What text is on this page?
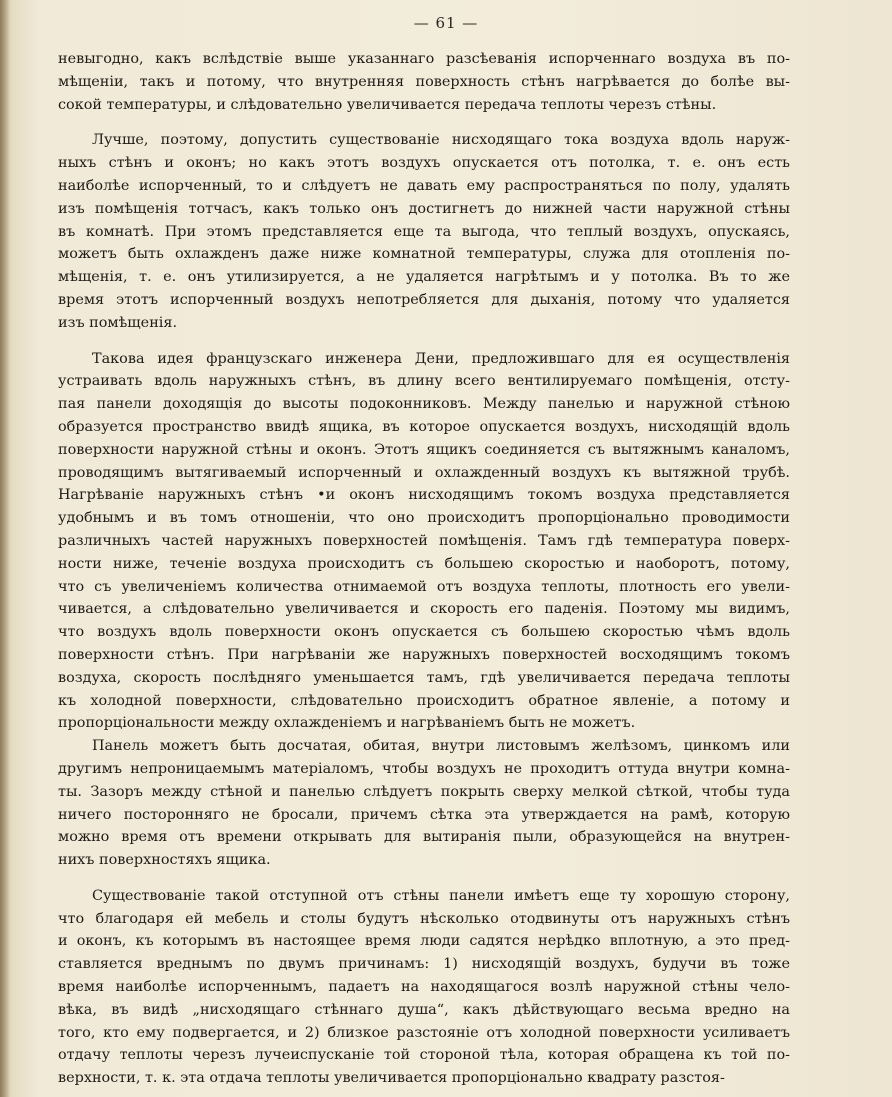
— 61 —
невыгодно, какъ вслѣдствіе выше указаннаго разсѣеванія испорченнаго воздуха въ по-
мѣщеніи, такъ и потому, что внутренняя поверхность стѣнъ нагрѣвается до болѣе вы-
сокой температуры, и слѣдовательно увеличивается передача теплоты черезъ стѣны.
Лучше, поэтому, допустить существованіе нисходящаго тока воздуха вдоль наруж-
ныхъ стѣнъ и оконъ; но какъ этотъ воздухъ опускается отъ потолка, т. е. онъ есть
наиболѣе испорченный, то и слѣдуетъ не давать ему распространяться по полу, удалять
изъ помѣщенія тотчасъ, какъ только онъ достигнетъ до нижней части наружной стѣны
въ комнатѣ. При этомъ представляется еще та выгода, что теплый воздухъ, опускаясь,
можетъ быть охлажденъ даже ниже комнатной температуры, служа для отопленія по-
мѣщенія, т. е. онъ утилизируется, а не удаляется нагрѣтымъ и у потолка. Въ то же
время этотъ испорченный воздухъ непотребляется для дыханія, потому что удаляется
изъ помѣщенія.
Такова идея французскаго инженера Дени, предложившаго для ея осуществленія
устраивать вдоль наружныхъ стѣнъ, въ длину всего вентилируемаго помѣщенія, отсту-
пая панели доходящія до высоты подоконниковъ. Между панелью и наружной стѣною
образуется пространство ввидѣ ящика, въ которое опускается воздухъ, нисходящій вдоль
поверхности наружной стѣны и оконъ. Этотъ ящикъ соединяется съ вытяжнымъ каналомъ,
проводящимъ вытягиваемый испорченный и охлажденный воздухъ къ вытяжной трубѣ.
Нагрѣваніе наружныхъ стѣнъ •и оконъ нисходящимъ токомъ воздуха представляется
удобнымъ и въ томъ отношеніи, что оно происходитъ пропорціонально проводимости
различныхъ частей наружныхъ поверхностей помѣщенія. Тамъ гдѣ температура поверх-
ности ниже, теченіе воздуха происходитъ съ большею скоростью и наоборотъ, потому,
что съ увеличеніемъ количества отнимаемой отъ воздуха теплоты, плотность его увели-
чивается, а слѣдовательно увеличивается и скорость его паденія. Поэтому мы видимъ,
что воздухъ вдоль поверхности оконъ опускается съ большею скоростью чѣмъ вдоль
поверхности стѣнъ. При нагрѣваніи же наружныхъ поверхностей восходящимъ токомъ
воздуха, скорость послѣдняго уменьшается тамъ, гдѣ увеличивается передача теплоты
къ холодной поверхности, слѣдовательно происходитъ обратное явленіе, а потому и
пропорціональности между охлажденіемъ и нагрѣваніемъ быть не можетъ.
Панель можетъ быть досчатая, обитая, внутри листовымъ желѣзомъ, цинкомъ или
другимъ непроницаемымъ матеріаломъ, чтобы воздухъ не проходитъ оттуда внутри комна-
ты. Зазоръ между стѣной и панелью слѣдуетъ покрыть сверху мелкой сѣткой, чтобы туда
ничего посторонняго не бросали, причемъ сѣтка эта утверждается на рамѣ, которую
можно время отъ времени открывать для вытиранія пыли, образующейся на внутрен-
нихъ поверхностяхъ ящика.
Существованіе такой отступной отъ стѣны панели имѣетъ еще ту хорошую сторону,
что благодаря ей мебель и столы будутъ нѣсколько отодвинуты отъ наружныхъ стѣнъ
и оконъ, къ которымъ въ настоящее время люди садятся нерѣдко вплотную, а это пред-
ставляется вреднымъ по двумъ причинамъ: 1) нисходящій воздухъ, будучи въ тоже
время наиболѣе испорченнымъ, падаетъ на находящагося возлѣ наружной стѣны чело-
вѣка, въ видѣ „нисходящаго стѣннаго душа“, какъ дѣйствующаго весьма вредно на
того, кто ему подвергается, и 2) близкое разстояніе отъ холодной поверхности усиливаетъ
отдачу теплоты черезъ лучеиспусканіе той стороной тѣла, которая обращена къ той по-
верхности, т. к. эта отдача теплоты увеличивается пропорціонально квадрату разстоя-
